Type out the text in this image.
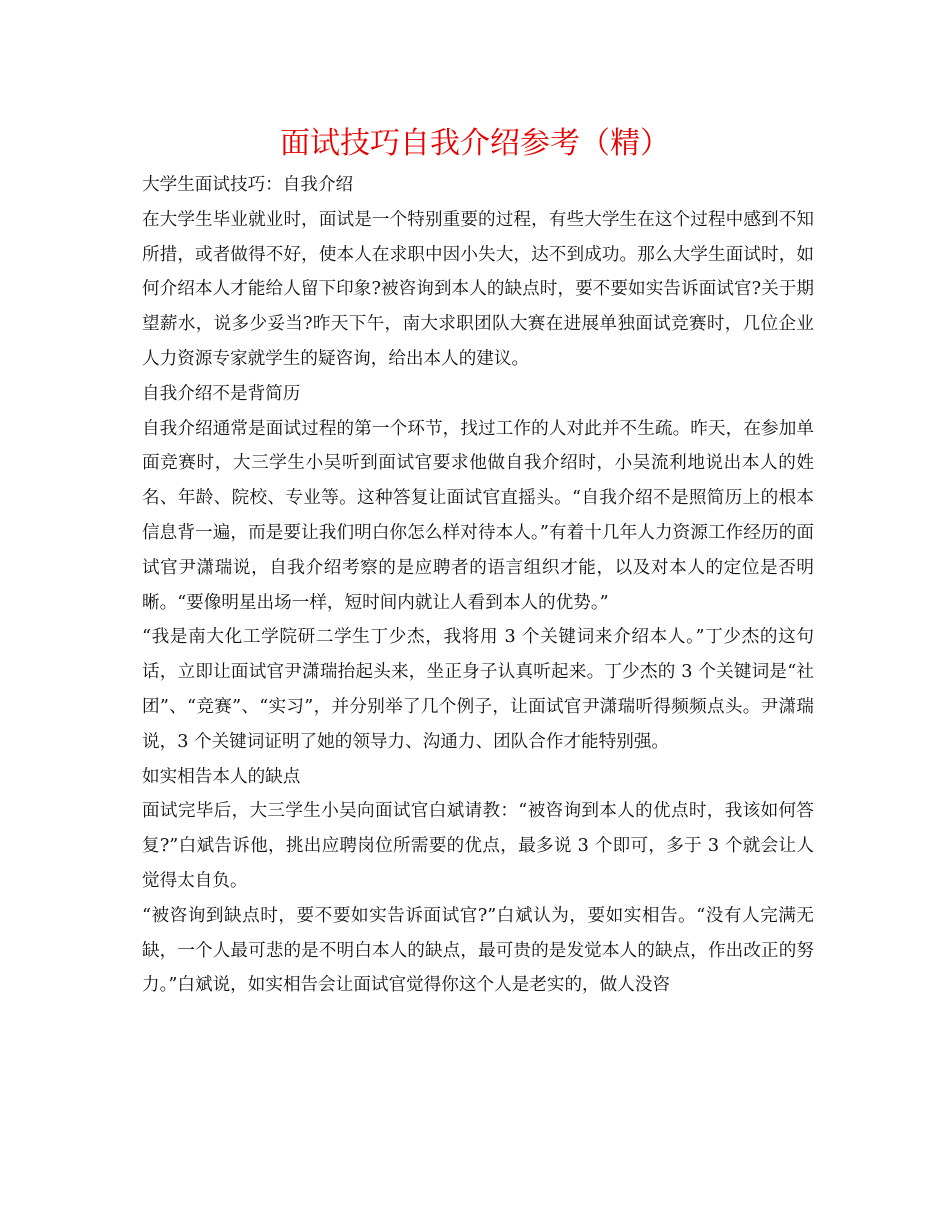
面试技巧自我介绍参考（精）

大学生面试技巧：自我介绍

在大学生毕业就业时，面试是一个特别重要的过程，有些大学生在这个过程中感到不知所措，或者做得不好，使本人在求职中因小失大，达不到成功。那么大学生面试时，如何介绍本人才能给人留下印象?被咨询到本人的缺点时，要不要如实告诉面试官?关于期望薪水，说多少妥当?昨天下午，南大求职团队大赛在进展单独面试竞赛时，几位企业人力资源专家就学生的疑咨询，给出本人的建议。

自我介绍不是背简历

自我介绍通常是面试过程的第一个环节，找过工作的人对此并不生疏。昨天，在参加单面竞赛时，大三学生小吴听到面试官要求他做自我介绍时，小吴流利地说出本人的姓名、年龄、院校、专业等。这种答复让面试官直摇头。“自我介绍不是照简历上的根本信息背一遍，而是要让我们明白你怎么样对待本人。”有着十几年人力资源工作经历的面试官尹潇瑞说，自我介绍考察的是应聘者的语言组织才能，以及对本人的定位是否明晰。“要像明星出场一样，短时间内就让人看到本人的优势。”

“我是南大化工学院研二学生丁少杰，我将用 3 个关键词来介绍本人。”丁少杰的这句话，立即让面试官尹潇瑞抬起头来，坐正身子认真听起来。丁少杰的 3 个关键词是“社团”、“竞赛”、“实习”，并分别举了几个例子，让面试官尹潇瑞听得频频点头。尹潇瑞说，3 个关键词证明了她的领导力、沟通力、团队合作才能特别强。

如实相告本人的缺点

面试完毕后，大三学生小吴向面试官白斌请教：“被咨询到本人的优点时，我该如何答复?”白斌告诉他，挑出应聘岗位所需要的优点，最多说 3 个即可，多于 3 个就会让人觉得太自负。

“被咨询到缺点时，要不要如实告诉面试官?”白斌认为，要如实相告。“没有人完满无缺，一个人最可悲的是不明白本人的缺点，最可贵的是发觉本人的缺点，作出改正的努力。”白斌说，如实相告会让面试官觉得你这个人是老实的，做人没咨
